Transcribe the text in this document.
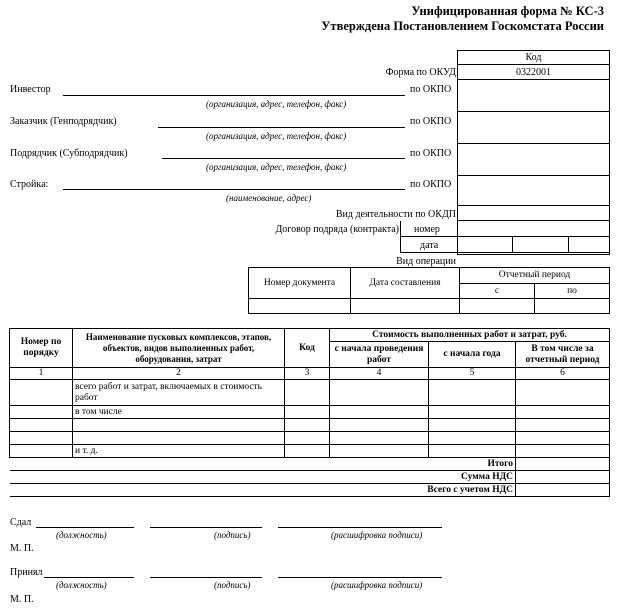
Унифицированная форма № КС-3
Утверждена Постановлением Госкомстата России
Код
Форма по ОКУД	0322001
Инвестор	по ОКПО
(организация, адрес, телефон, факс)
Заказчик (Генподрядчик)	по ОКПО
(организация, адрес, телефон, факс)
Подрядчик (Субподрядчик)	по ОКПО
(организация, адрес, телефон, факс)
Стройка:	по ОКПО
(наименование, адрес)
Вид деятельности по ОКДП
Договор подряда (контракта) номер
дата
Вид операции
Номер документа	Дата составления	Отчетный период	
		с	по

Номер по порядку	Наименование пусковых комплексов, этапов, объектов, видов выполненных работ, оборудования, затрат	Код	Стоимость выполненных работ и затрат, руб.		
			с начала проведения работ	с начала года	В том числе за отчетный период
1	2	3	4	5	6
	всего работ и затрат, включаемых в стоимость работ				
	в том числе				

	и т. д.				
Итого					
Сумма НДС					
Всего с учетом НДС					
Сдал
(должность)	(подпись)	(расшифровка подписи)
М. П.
Принял
(должность)	(подпись)	(расшифровка подписи)
М. П.
